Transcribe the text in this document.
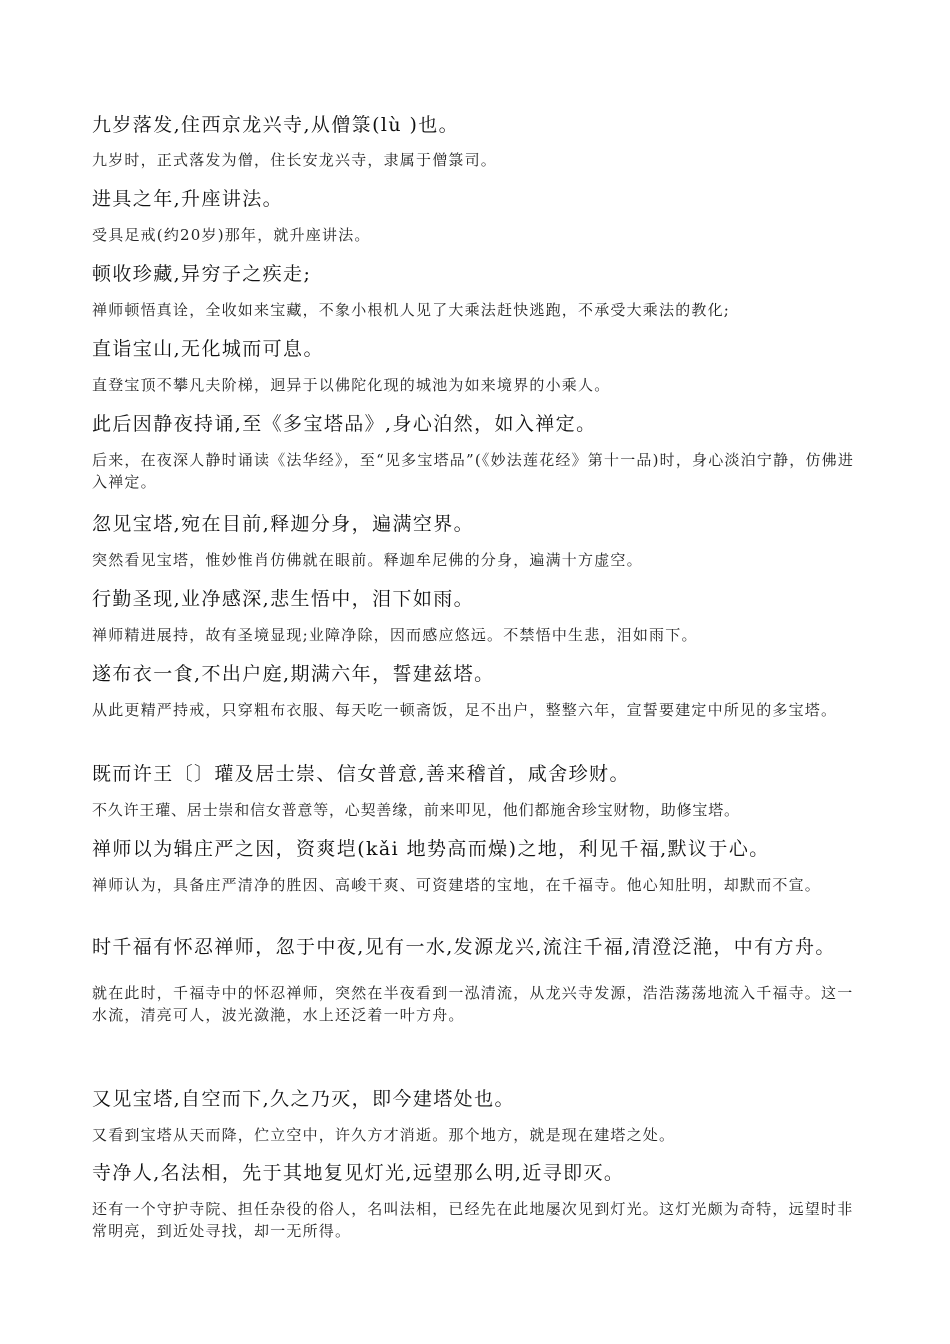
九岁落发,住西京龙兴寺,从僧箓(lù )也。
九岁时，正式落发为僧，住长安龙兴寺，隶属于僧箓司。
进具之年,升座讲法。
受具足戒(约20岁)那年，就升座讲法。
顿收珍藏,异穷子之疾走;
禅师顿悟真诠，全收如来宝藏，不象小根机人见了大乘法赶快逃跑，不承受大乘法的教化;
直诣宝山,无化城而可息。
直登宝顶不攀凡夫阶梯，迥异于以佛陀化现的城池为如来境界的小乘人。
此后因静夜持诵,至《多宝塔品》,身心泊然，如入禅定。
后来，在夜深人静时诵读《法华经》，至“见多宝塔品”(《妙法莲花经》第十一品)时，身心淡泊宁静，仿佛进入禅定。
忽见宝塔,宛在目前,释迦分身，遍满空界。
突然看见宝塔，惟妙惟肖仿佛就在眼前。释迦牟尼佛的分身，遍满十方虚空。
行勤圣现,业净感深,悲生悟中，泪下如雨。
禅师精进展持，故有圣境显现;业障净除，因而感应悠远。不禁悟中生悲，泪如雨下。
遂布衣一食,不出户庭,期满六年，誓建兹塔。
从此更精严持戒，只穿粗布衣服、每天吃一顿斋饭，足不出户，整整六年，宣誓要建定中所见的多宝塔。
既而许王〔〕瓘及居士崇、信女普意,善来稽首，咸舍珍财。
不久许王瓘、居士崇和信女普意等，心契善缘，前来叩见，他们都施舍珍宝财物，助修宝塔。
禅师以为辑庄严之因，资爽垲(kǎi 地势高而燥)之地，利见千福,默议于心。
禅师认为，具备庄严清净的胜因、高峻干爽、可资建塔的宝地，在千福寺。他心知肚明，却默而不宣。
时千福有怀忍禅师，忽于中夜,见有一水,发源龙兴,流注千福,清澄泛滟，中有方舟。
就在此时，千福寺中的怀忍禅师，突然在半夜看到一泓清流，从龙兴寺发源，浩浩荡荡地流入千福寺。这一水流，清亮可人，波光潋滟，水上还泛着一叶方舟。
又见宝塔,自空而下,久之乃灭，即今建塔处也。
又看到宝塔从天而降，伫立空中，许久方才消逝。那个地方，就是现在建塔之处。
寺净人,名法相，先于其地复见灯光,远望那么明,近寻即灭。
还有一个守护寺院、担任杂役的俗人，名叫法相，已经先在此地屡次见到灯光。这灯光颇为奇特，远望时非常明亮，到近处寻找，却一无所得。
